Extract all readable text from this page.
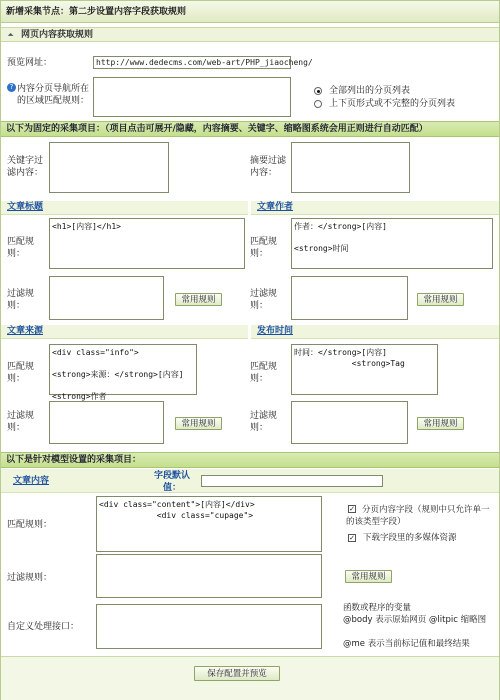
新增采集节点：第二步设置内容字段获取规则
⏶ 网页内容获取规则
预览网址：	http://www.dedecms.com/web-art/PHP_jiaocheng/
? 内容分页导航所在的区域匹配规则：
全部列出的分页列表
上下页形式或不完整的分页列表
以下为固定的采集项目：（项目点击可展开/隐藏，内容摘要、关键字、缩略图系统会用正则进行自动匹配）
关键字过滤内容：
摘要过滤内容：
文章标题	文章作者
匹配规则：
<h1>[内容]</h1>
匹配规则：
作者：</strong>[内容]

<strong>时间
过滤规则：
常用规则
过滤规则：
常用规则
文章来源	发布时间
匹配规则：
<div class="info">

<strong>来源：</strong>[内容]

<strong>作者
匹配规则：
时间：</strong>[内容]
<strong>Tag
过滤规则：	常用规则
过滤规则：	常用规则
以下是针对模型设置的采集项目：
文章内容	字段默认值：
匹配规则：
<div class="content">[内容]</div>
<div class="cupage">
✓ 分页内容字段（规则中只允许单一的该类型字段）
✓ 下载字段里的多媒体资源
过滤规则：	常用规则
自定义处理接口：
函数或程序的变量
@body 表示原始网页 @litpic 缩略图
@me 表示当前标记值和最终结果
保存配置并预览
